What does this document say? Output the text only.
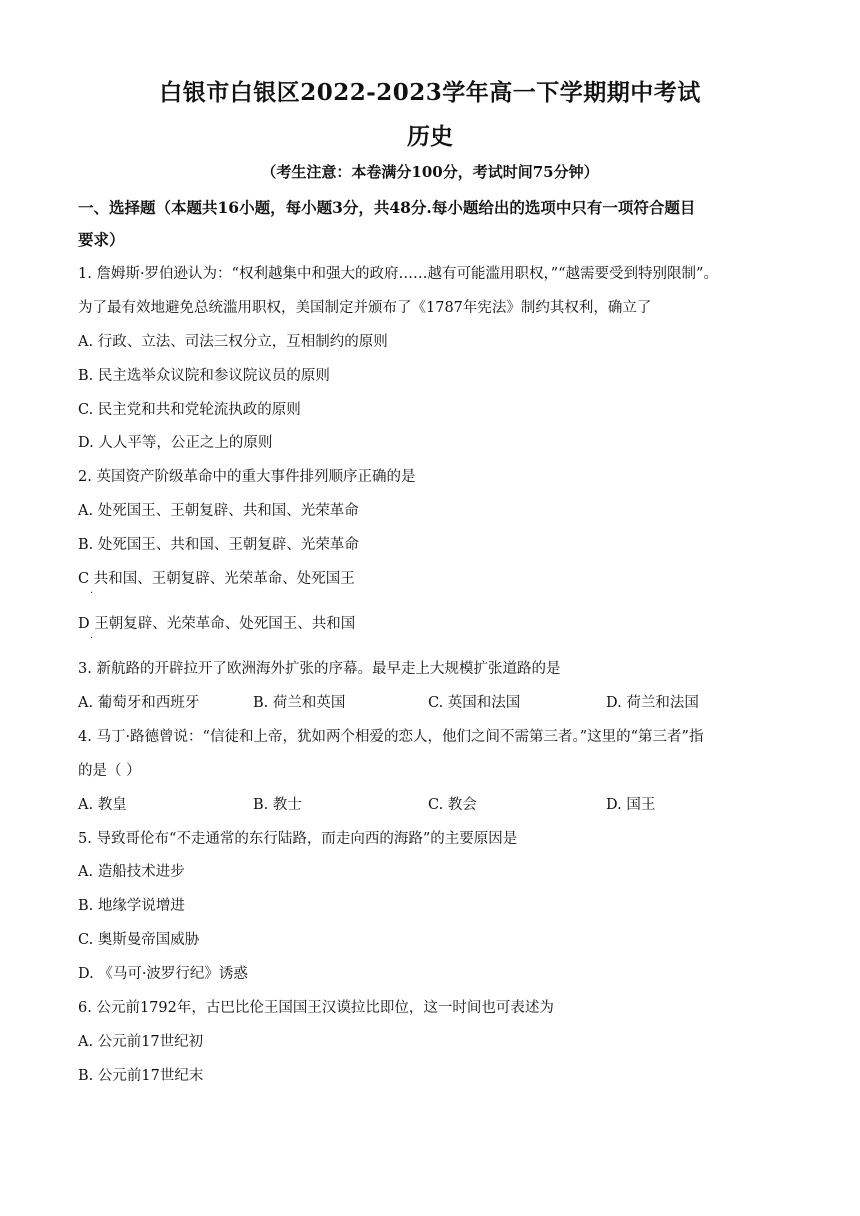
白银市白银区2022-2023学年高一下学期期中考试
历史
（考生注意：本卷满分100分，考试时间75分钟）
一、选择题（本题共16小题，每小题3分，共48分.每小题给出的选项中只有一项符合题目
要求）
1. 詹姆斯·罗伯逊认为：“权利越集中和强大的政府……越有可能滥用职权，”“越需要受到特别限制”。
为了最有效地避免总统滥用职权，美国制定并颁布了《1787年宪法》制约其权利，确立了
A. 行政、立法、司法三权分立，互相制约的原则
B. 民主选举众议院和参议院议员的原则
C. 民主党和共和党轮流执政的原则
D. 人人平等，公正之上的原则
2. 英国资产阶级革命中的重大事件排列顺序正确的是
A. 处死国王、王朝复辟、共和国、光荣革命
B. 处死国王、共和国、王朝复辟、光荣革命
C 共和国、王朝复辟、光荣革命、处死国王
·
D 王朝复辟、光荣革命、处死国王、共和国
·
3. 新航路的开辟拉开了欧洲海外扩张的序幕。最早走上大规模扩张道路的是
A. 葡萄牙和西班牙	B. 荷兰和英国	C. 英国和法国	D. 荷兰和法国
4. 马丁·路德曾说：“信徒和上帝，犹如两个相爱的恋人，他们之间不需第三者。”这里的“第三者”指
的是（ ）
A. 教皇	B. 教士	C. 教会	D. 国王
5. 导致哥伦布“不走通常的东行陆路，而走向西的海路”的主要原因是
A. 造船技术进步
B. 地缘学说增进
C. 奥斯曼帝国威胁
D. 《马可·波罗行纪》诱惑
6. 公元前1792年，古巴比伦王国国王汉谟拉比即位，这一时间也可表述为
A. 公元前17世纪初
B. 公元前17世纪末
